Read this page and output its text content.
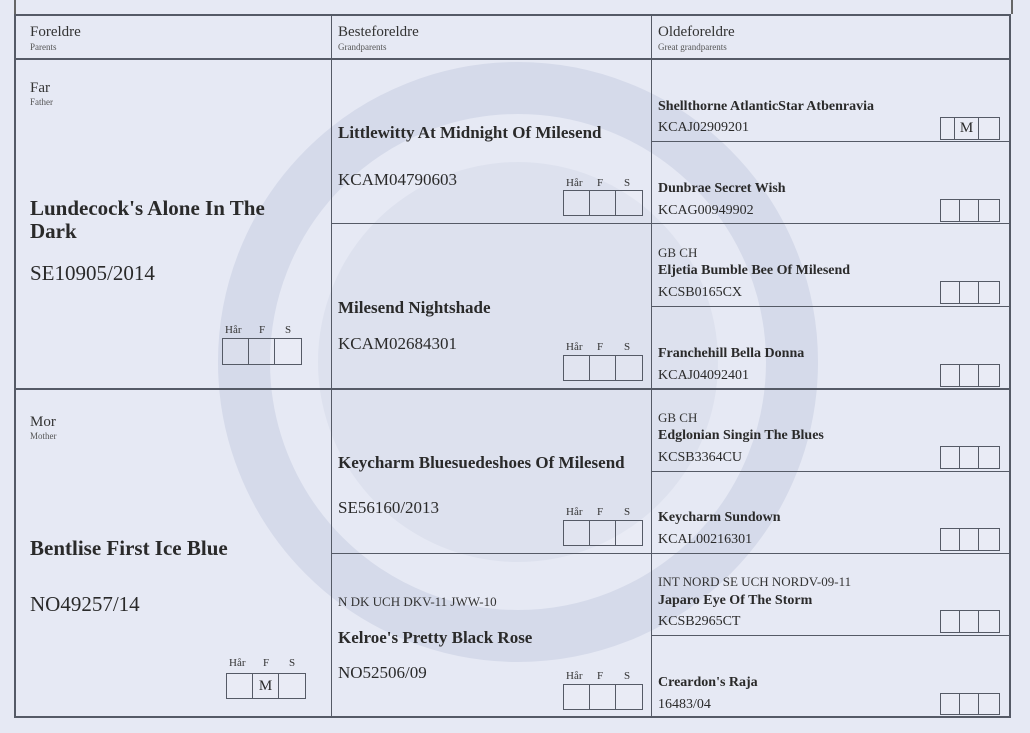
Foreldre
Parents
Besteforeldre
Grandparents
Oldeforeldre
Great grandparents
Far
Father
Lundecock's Alone In The Dark
SE10905/2014
Hår F S
Mor
Mother
Bentlise First Ice Blue
NO49257/14
Hår F S
M
Littlewitty At Midnight Of Milesend
KCAM04790603	Hår F S
Milesend Nightshade
KCAM02684301	Hår F S
Keycharm Bluesuedeshoes Of Milesend
SE56160/2013	Hår F S
N DK UCH DKV-11 JWW-10
Kelroe's Pretty Black Rose
NO52506/09	Hår F S
Shellthorne AtlanticStar Atbenravia
KCAJ02909201	M
Dunbrae Secret Wish
KCAG00949902
GB CH
Eljetia Bumble Bee Of Milesend
KCSB0165CX
Franchehill Bella Donna
KCAJ04092401
GB CH
Edglonian Singin The Blues
KCSB3364CU
Keycharm Sundown
KCAL00216301
INT NORD SE UCH NORDV-09-11
Japaro Eye Of The Storm
KCSB2965CT
Creardon's Raja
16483/04
